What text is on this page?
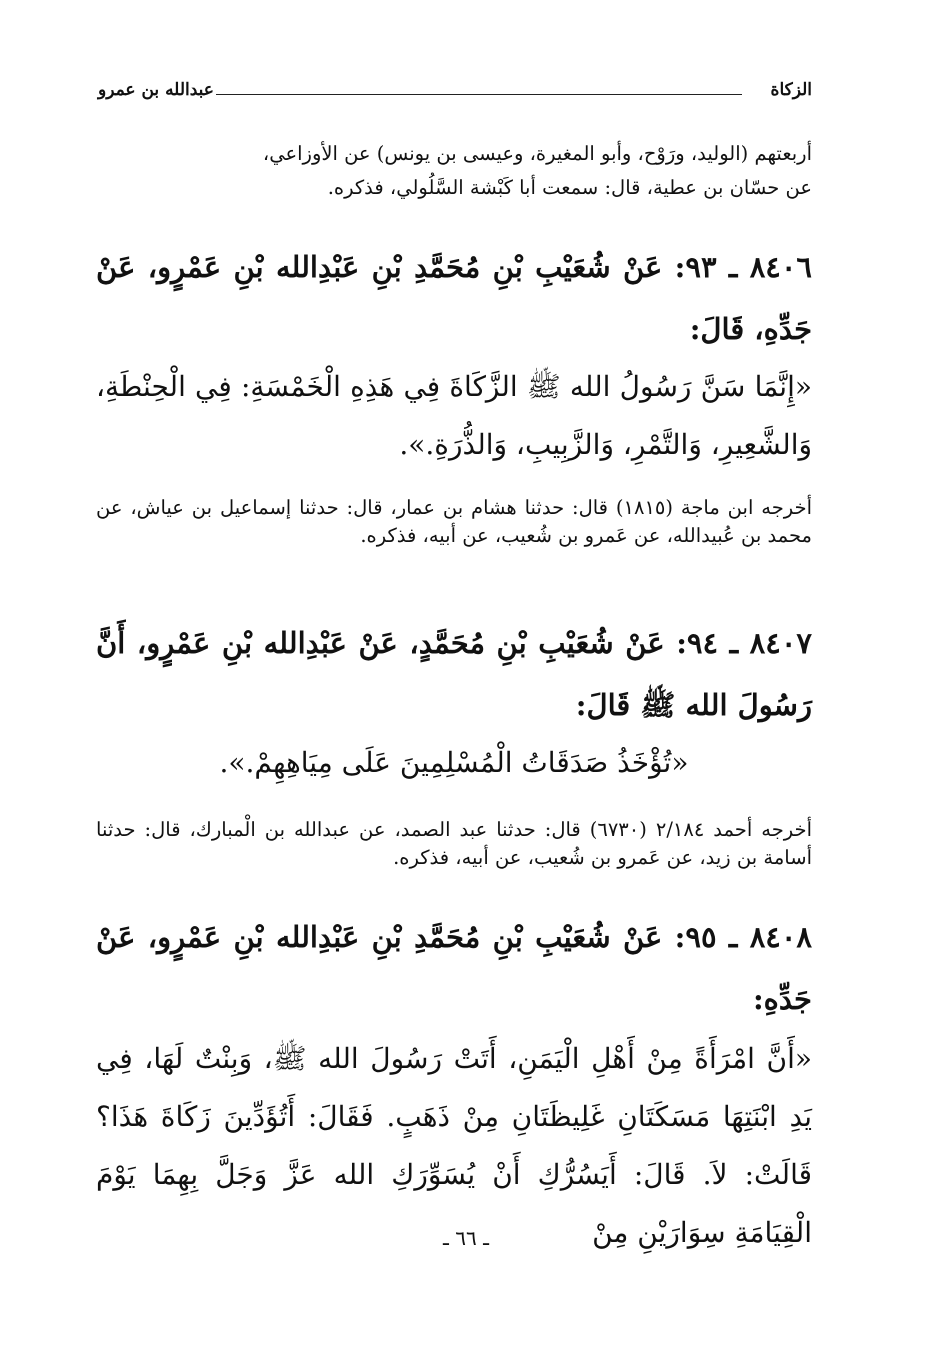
الزكاة
عبدالله بن عمرو

أربعتهم (الوليد، ورَوْح، وأبو المغيرة، وعيسى بن يونس) عن الأوزاعي،

عن حسّان بن عطية، قال: سمعت أبا كَبْشة السَّلُولي، فذكره.

٨٤٠٦ ـ ٩٣: عَنْ شُعَيْبِ بْنِ مُحَمَّدِ بْنِ عَبْدِالله بْنِ عَمْرٍو، عَنْ جَدِّهِ، قَالَ:

«إِنَّمَا سَنَّ رَسُولُ الله ﷺ الزَّكَاةَ فِي هَذِهِ الْخَمْسَةِ: فِي الْحِنْطَةِ، وَالشَّعِيرِ، وَالتَّمْرِ، وَالزَّبِيبِ، وَالذُّرَةِ.».

أخرجه ابن ماجة (١٨١٥) قال: حدثنا هشام بن عمار، قال: حدثنا إسماعيل بن عياش، عن محمد بن عُبيدالله، عن عَمرو بن شُعيب، عن أبيه، فذكره.

٨٤٠٧ ـ ٩٤: عَنْ شُعَيْبِ بْنِ مُحَمَّدٍ، عَنْ عَبْدِالله بْنِ عَمْرٍو، أَنَّ رَسُولَ الله ﷺ قَالَ:

«تُؤْخَذُ صَدَقَاتُ الْمُسْلِمِينَ عَلَى مِيَاهِهِمْ.».

أخرجه أحمد ٢/١٨٤ (٦٧٣٠) قال: حدثنا عبد الصمد، عن عبدالله بن الْمبارك، قال: حدثنا أسامة بن زيد، عن عَمرو بن شُعيب، عن أبيه، فذكره.

٨٤٠٨ ـ ٩٥: عَنْ شُعَيْبِ بْنِ مُحَمَّدِ بْنِ عَبْدِالله بْنِ عَمْرٍو، عَنْ جَدِّهِ:

«أَنَّ امْرَأَةً مِنْ أَهْلِ الْيَمَنِ، أَتَتْ رَسُولَ الله ﷺ، وَبِنْتٌ لَهَا، فِي يَدِ ابْنَتِهَا مَسَكَتَانِ غَلِيظَتَانِ مِنْ ذَهَبٍ. فَقَالَ: أَتُؤَدِّينَ زَكَاةَ هَذَا؟ قَالَتْ: لاَ. قَالَ: أَيَسُرُّكِ أَنْ يُسَوِّرَكِ الله عَزَّ وَجَلَّ بِهِمَا يَوْمَ الْقِيَامَةِ سِوَارَيْنِ مِنْ

ـ ٦٦ ـ
